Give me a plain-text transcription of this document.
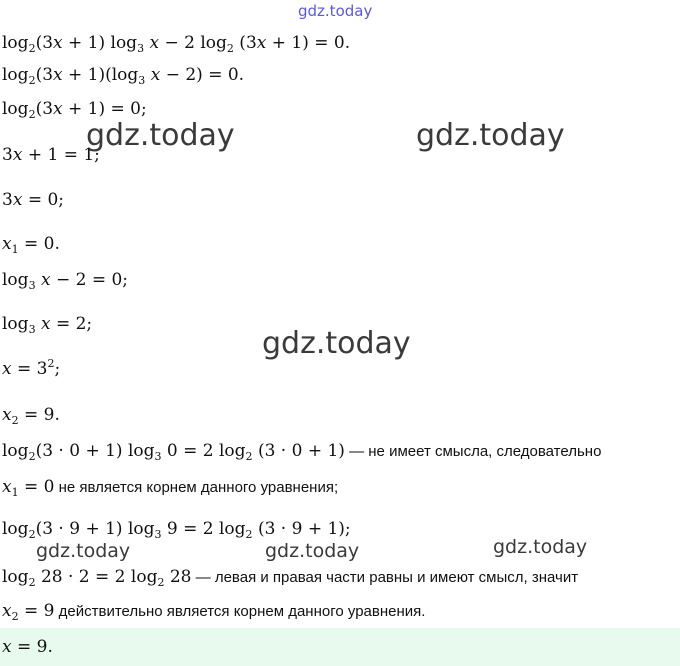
gdz.today
gdz.today	gdz.today
gdz.today
gdz.today	gdz.today	gdz.today
$\log_2(3x + 1)$ $\log_3 x - 2$ $\log_2 (3x + 1) = 0$.
$\log_2(3x + 1)(\log_3$ x − 2) = 0.
$\log_2(3x + 1) = 0$;
3x + 1 = 1;
3x = 0;
$x_1 = 0$.
$\log_3 x - 2 = 0$;
$\log_3 x = 2$;
$x = 3^2$;
$x_2 = 9$.
$\log_2(3 \cdot 0 + 1)$ $\log_3 0 = 2$ $\log_2 (3 \cdot 0 + 1)$ — не имеет смысла, следовательно
$x_1 = 0$ не является корнем данного уравнения;
$\log_2(3 \cdot 9 + 1)$ $\log_3 9 = 2$ $\log_2 (3 \cdot 9 + 1)$;
$\log_2 28 \cdot 2 = 2$ $\log_2 28$ — левая и правая части равны и имеют смысл, значит
$x_2 = 9$ действительно является корнем данного уравнения.
x = 9.
